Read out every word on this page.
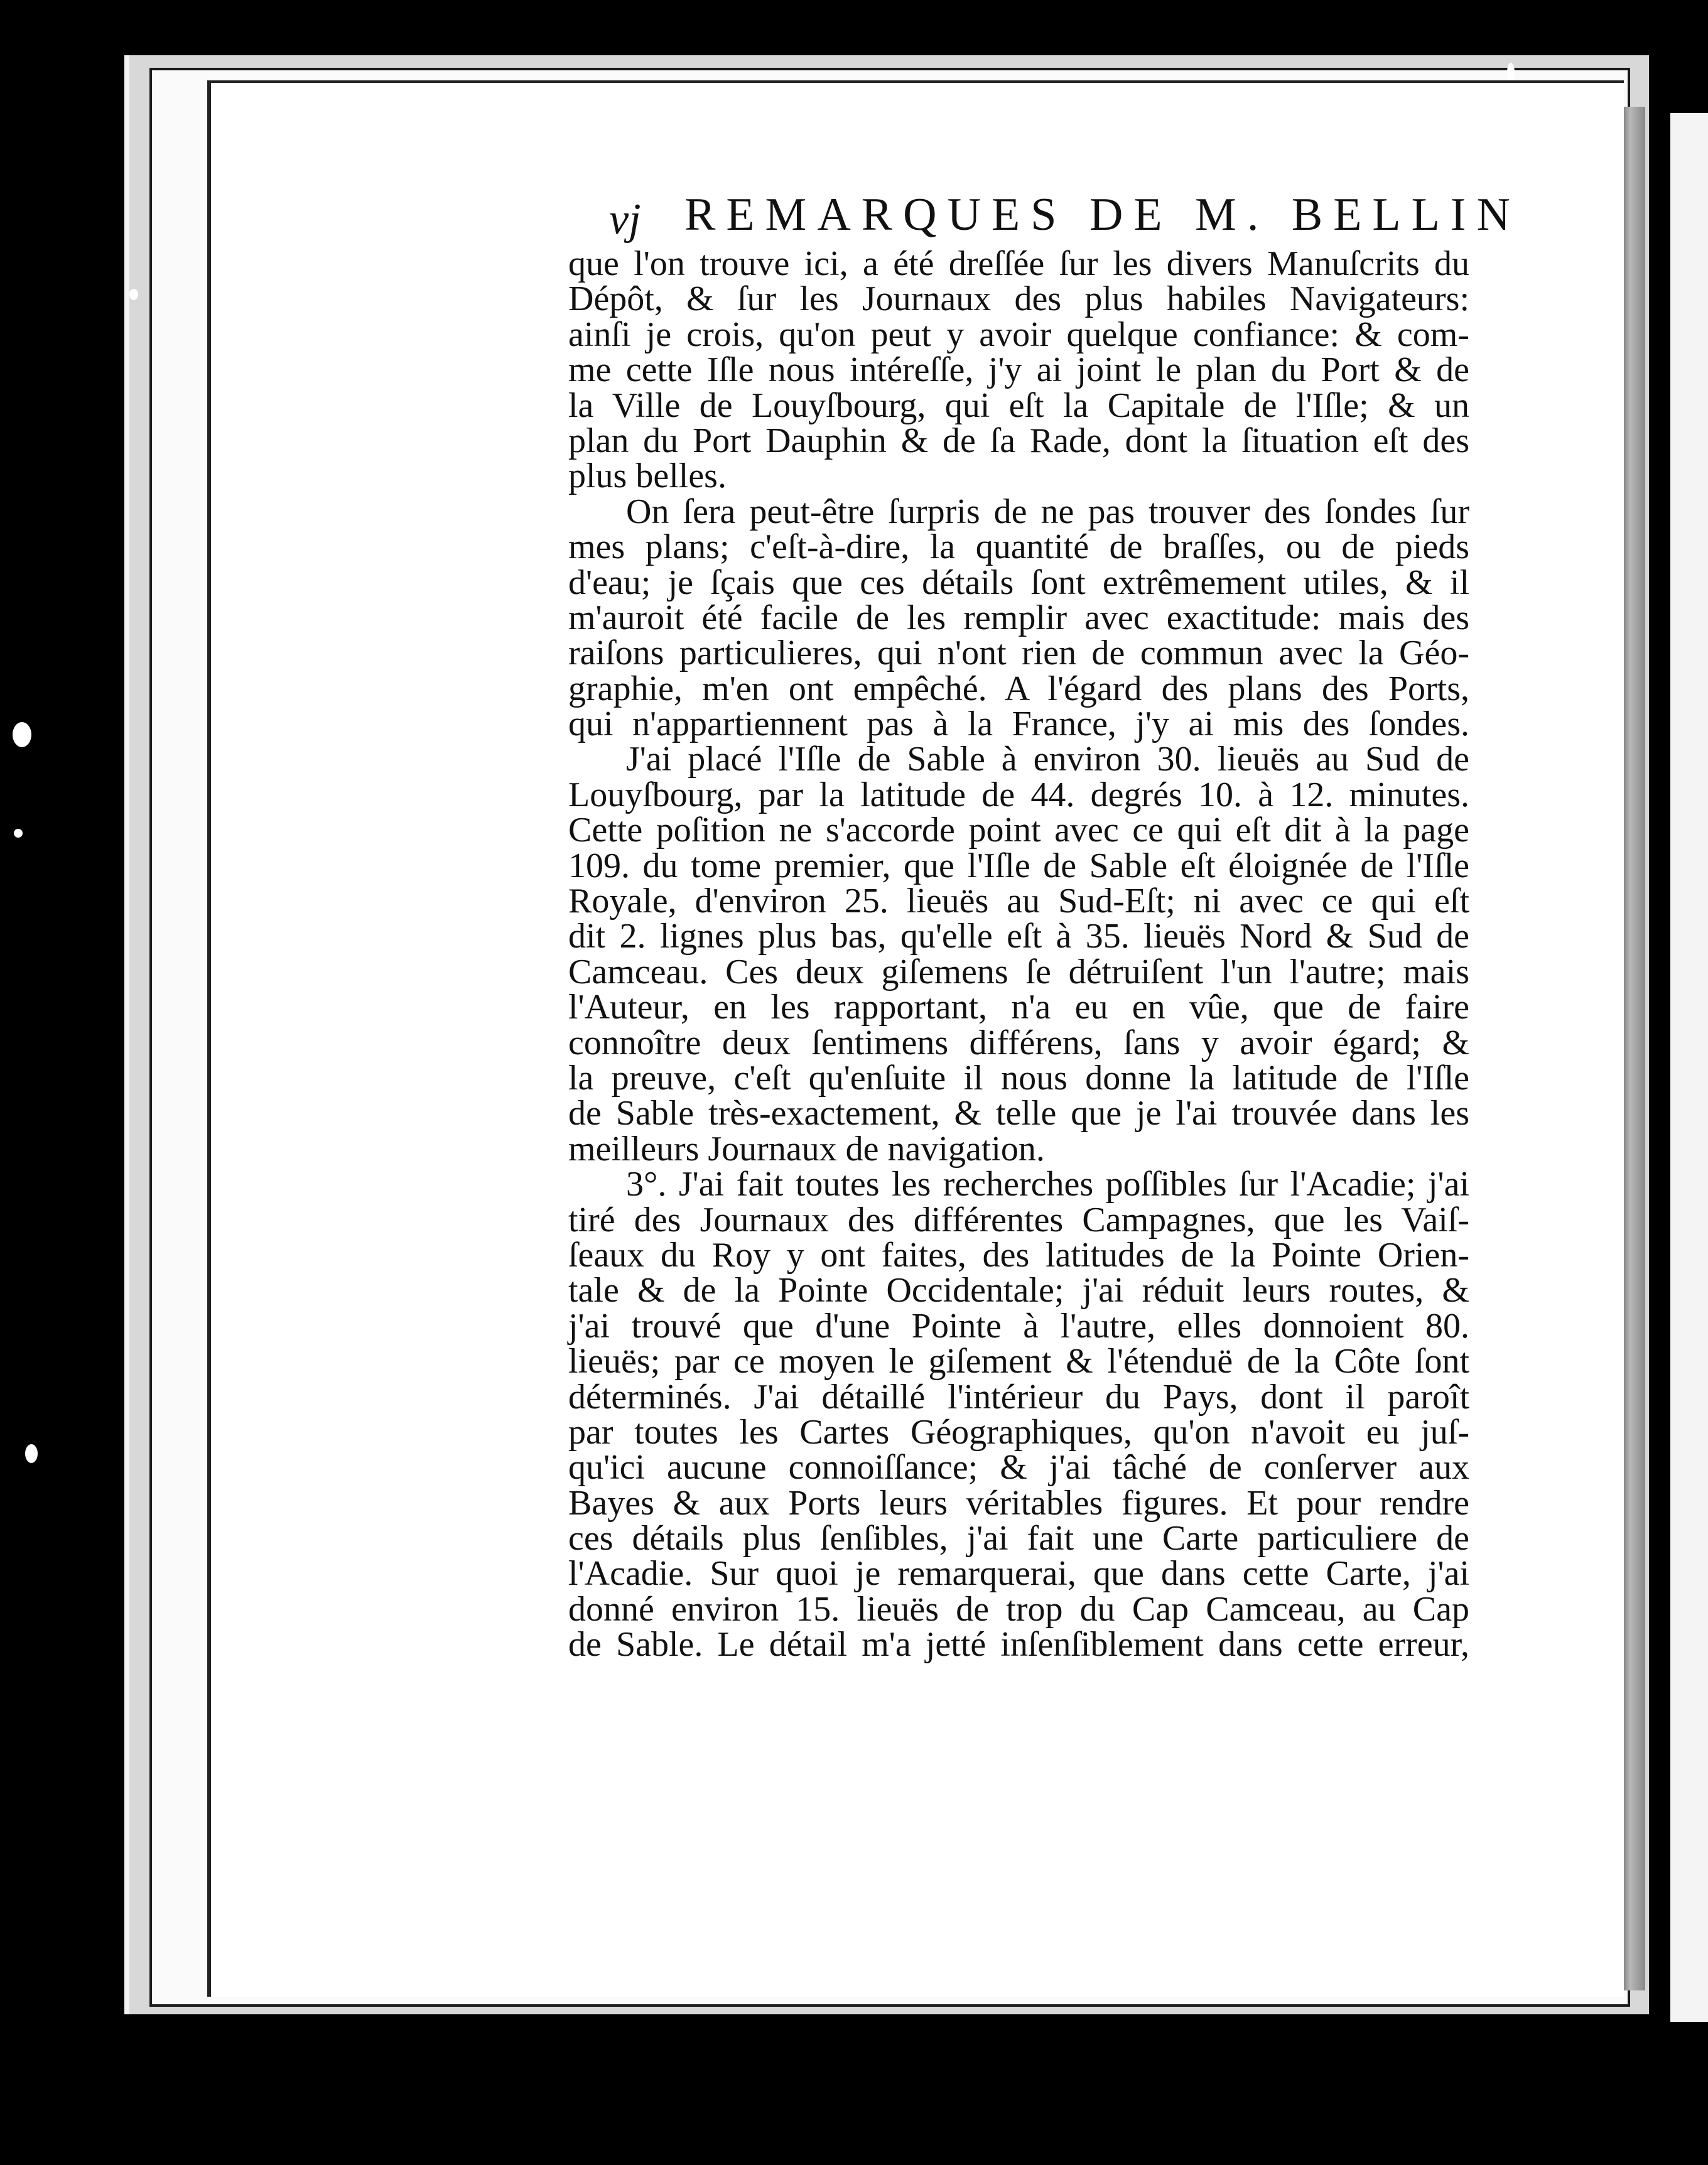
vj REMARQUES DE M. BELLIN
que l'on trouve ici, a été dreſſée ſur les divers Manuſcrits du
Dépôt, & ſur les Journaux des plus habiles Navigateurs:
ainſi je crois, qu'on peut y avoir quelque confiance: & com-
me cette Iſle nous intéreſſe, j'y ai joint le plan du Port & de
la Ville de Louyſbourg, qui eſt la Capitale de l'Iſle; & un
plan du Port Dauphin & de ſa Rade, dont la ſituation eſt des
plus belles.
On ſera peut-être ſurpris de ne pas trouver des ſondes ſur
mes plans; c'eſt-à-dire, la quantité de braſſes, ou de pieds
d'eau; je ſçais que ces détails ſont extrêmement utiles, & il
m'auroit été facile de les remplir avec exactitude: mais des
raiſons particulieres, qui n'ont rien de commun avec la Géo-
graphie, m'en ont empêché. A l'égard des plans des Ports,
qui n'appartiennent pas à la France, j'y ai mis des ſondes.
J'ai placé l'Iſle de Sable à environ 30. lieuës au Sud de
Louyſbourg, par la latitude de 44. degrés 10. à 12. minutes.
Cette poſition ne s'accorde point avec ce qui eſt dit à la page
109. du tome premier, que l'Iſle de Sable eſt éloignée de l'Iſle
Royale, d'environ 25. lieuës au Sud-Eſt; ni avec ce qui eſt
dit 2. lignes plus bas, qu'elle eſt à 35. lieuës Nord & Sud de
Camceau. Ces deux giſemens ſe détruiſent l'un l'autre; mais
l'Auteur, en les rapportant, n'a eu en vûe, que de faire
connoître deux ſentimens différens, ſans y avoir égard; &
la preuve, c'eſt qu'enſuite il nous donne la latitude de l'Iſle
de Sable très-exactement, & telle que je l'ai trouvée dans les
meilleurs Journaux de navigation.
3°. J'ai fait toutes les recherches poſſibles ſur l'Acadie; j'ai
tiré des Journaux des différentes Campagnes, que les Vaiſ-
ſeaux du Roy y ont faites, des latitudes de la Pointe Orien-
tale & de la Pointe Occidentale; j'ai réduit leurs routes, &
j'ai trouvé que d'une Pointe à l'autre, elles donnoient 80.
lieuës; par ce moyen le giſement & l'étenduë de la Côte ſont
déterminés. J'ai détaillé l'intérieur du Pays, dont il paroît
par toutes les Cartes Géographiques, qu'on n'avoit eu juſ-
qu'ici aucune connoiſſance; & j'ai tâché de conſerver aux
Bayes & aux Ports leurs véritables figures. Et pour rendre
ces détails plus ſenſibles, j'ai fait une Carte particuliere de
l'Acadie. Sur quoi je remarquerai, que dans cette Carte, j'ai
donné environ 15. lieuës de trop du Cap Camceau, au Cap
de Sable. Le détail m'a jetté inſenſiblement dans cette erreur,
